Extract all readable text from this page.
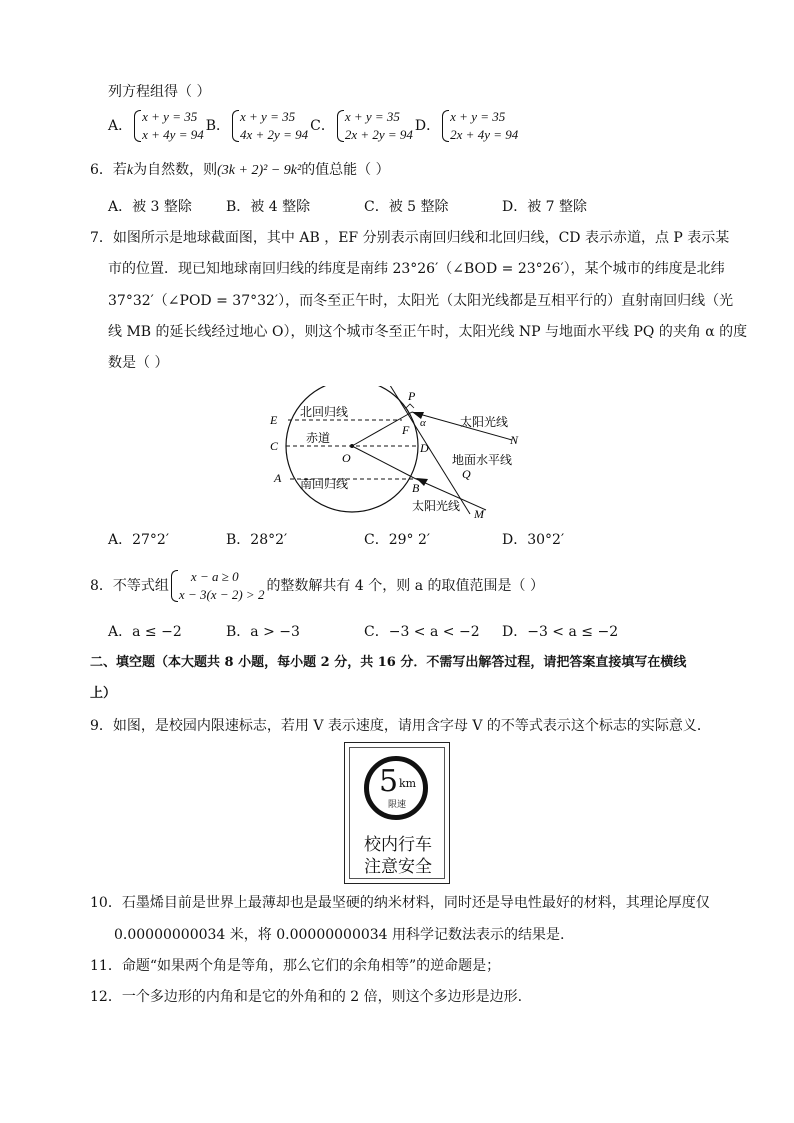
列方程组得（ ）
A．
x + y = 35
x + 4y = 94
B．
x + y = 35
4x + 2y = 94
C．
x + y = 35
2x + 2y = 94
D．
x + y = 35
2x + 4y = 94
6．若k为自然数，则(3k + 2)² − 9k²的值总能（ ）
A．被 3 整除 B．被 4 整除	C．被 5 整除	D．被 7 整除
7．如图所示是地球截面图，其中 AB ，EF 分别表示南回归线和北回归线，CD 表示赤道，点 P 表示某
市的位置．现已知地球南回归线的纬度是南纬 23°26′（∠BOD = 23°26′），某个城市的纬度是北纬
37°32′（∠POD = 37°32′），而冬至正午时，太阳光（太阳光线都是互相平行的）直射南回归线（光
线 MB 的延长线经过地心 O），则这个城市冬至正午时，太阳光线 NP 与地面水平线 PQ 的夹角 α 的度
数是（ ）
E
C
A
P
F α
D
O
B
Q
N
M
北回归线
赤道
南回归线
太阳光线
地面水平线
太阳光线
A．27°2′	B．28°2′	C．29° 2′	D．30°2′
8．不等式组
x − a ≥ 0
x − 3(x − 2) > 2
的整数解共有 4 个，则 a 的取值范围是（ ）
A．a ≤ −2	B．a > −3	C．−3 < a < −2 D．−3 < a ≤ −2
二、填空题（本大题共 8 小题，每小题 2 分，共 16 分．不需写出解答过程，请把答案直接填写在横线
上）
9．如图，是校园内限速标志，若用 V 表示速度，请用含字母 V 的不等式表示这个标志的实际意义．
5 km
限速
校内行车
注意安全
10．石墨烯目前是世界上最薄却也是最坚硬的纳米材料，同时还是导电性最好的材料，其理论厚度仅
0.00000000034 米，将 0.00000000034 用科学记数法表示的结果是.
11．命题“如果两个角是等角，那么它们的余角相等”的逆命题是；
12．一个多边形的内角和是它的外角和的 2 倍，则这个多边形是边形.
